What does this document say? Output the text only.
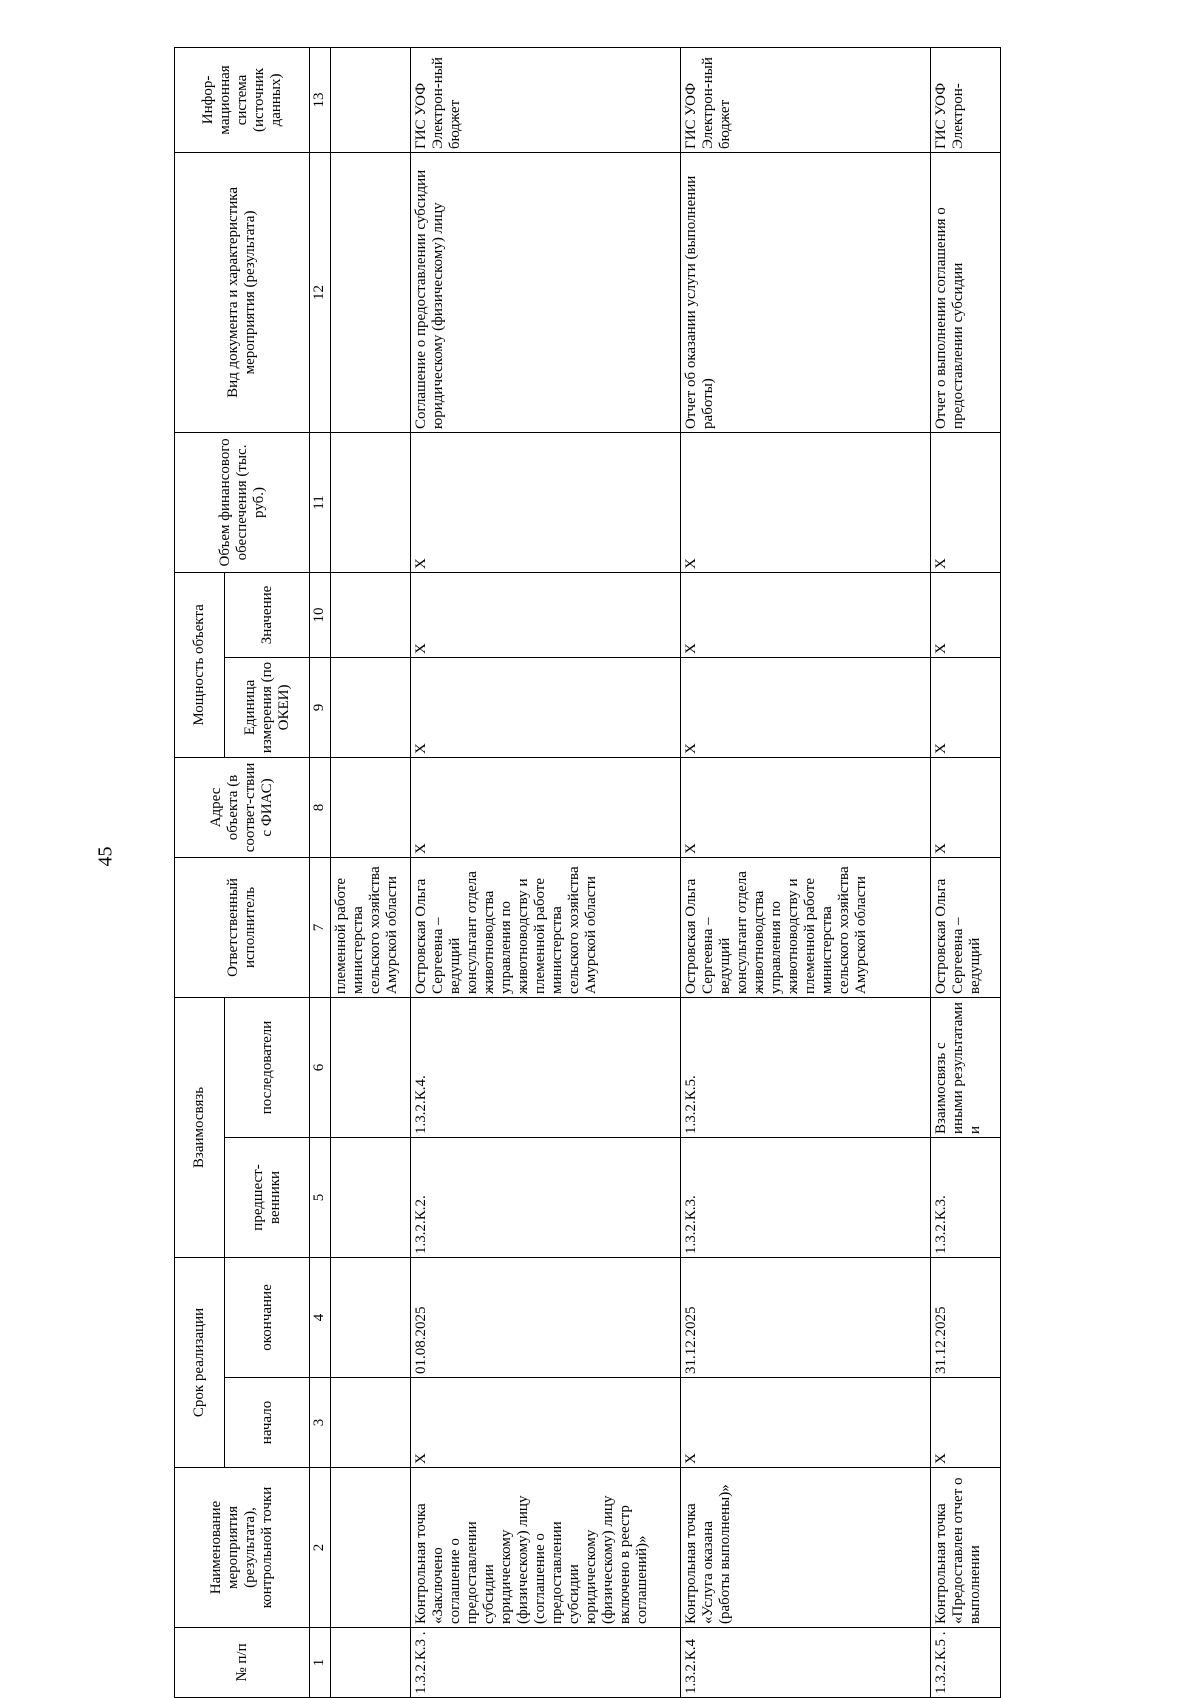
45
№ п/п	Наименование мероприятия (результата), контрольной точки	Срок реализации		Взаимосвязь		Ответственный исполнитель	Адрес объекта (в соответ-ствии с ФИАС)	Мощность объекта		Объем финансового обеспечения (тыс. руб.)	Вид документа и характеристика мероприятия (результата)	Инфор-мационная система (источник данных)
		начало	окончание	предшест-венники	последователи			Единица измерения (по ОКЕИ)	Значение			
1	2	3	4	5	6	7	8	9	10	11	12	13
						племенной работе министерства сельского хозяйства Амурской области						
1.3.2.К.3 .	Контрольная точка «Заключено соглашение о предоставлении субсидии юридическому (физическому) лицу (соглашение о предоставлении субсидии юридическому (физическому) лицу включено в реестр соглашений)»	X	01.08.2025	1.3.2.К.2.	1.3.2.К.4.	Островская Ольга Сергеевна – ведущий консультант отдела животноводства управления по животноводству и племенной работе министерства сельского хозяйства Амурской области	X	X	X	X	Соглашение о предоставлении субсидии юридическому (физическому) лицу	ГИС УОФ Электрон-ный бюджет
1.3.2.К.4	Контрольная точка «Услуга оказана (работы выполнены)»	X	31.12.2025	1.3.2.К.3.	1.3.2.К.5.	Островская Ольга Сергеевна – ведущий консультант отдела животноводства управления по животноводству и племенной работе министерства сельского хозяйства Амурской области	X	X	X	X	Отчет об оказании услуги (выполнении работы)	ГИС УОФ Электрон-ный бюджет
1.3.2.К.5 .	Контрольная точка «Предоставлен отчет о выполнении	X	31.12.2025	1.3.2.К.3.	Взаимосвязь с иными результатами и	Островская Ольга Сергеевна – ведущий	X	X	X	X	Отчет о выполнении соглашения о предоставлении субсидии	ГИС УОФ Электрон-
